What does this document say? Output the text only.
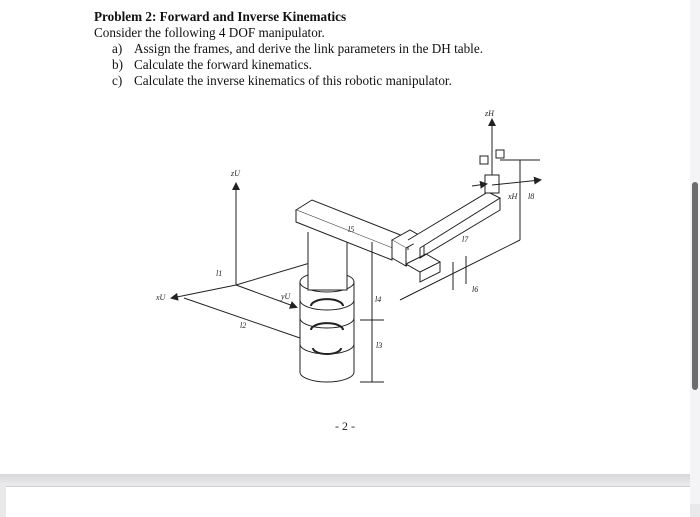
Problem 2: Forward and Inverse Kinematics
Consider the following 4 DOF manipulator.
a) Assign the frames, and derive the link parameters in the DH table.
b) Calculate the forward kinematics.
c) Calculate the inverse kinematics of this robotic manipulator.
zU
xU	yU
zH
xH
l1
l2
l3
l4
l5
l6
l7
l8
- 2 -
